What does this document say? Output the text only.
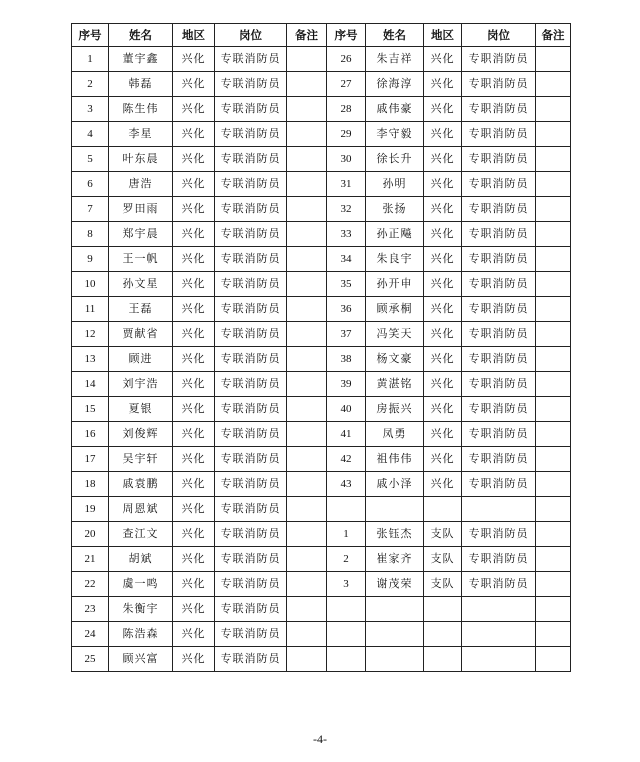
序号	姓名	地区	岗位	备注	序号	姓名	地区	岗位	备注
1	董宇鑫	兴化	专联消防员		26	朱吉祥	兴化	专职消防员	
2	韩磊	兴化	专联消防员		27	徐海淳	兴化	专职消防员	
3	陈生伟	兴化	专联消防员		28	戚伟豪	兴化	专职消防员	
4	李星	兴化	专联消防员		29	李守毅	兴化	专职消防员	
5	叶东晨	兴化	专联消防员		30	徐长升	兴化	专职消防员	
6	唐浩	兴化	专联消防员		31	孙明	兴化	专职消防员	
7	罗田雨	兴化	专联消防员		32	张扬	兴化	专职消防员	
8	郑宇晨	兴化	专联消防员		33	孙正飚	兴化	专职消防员	
9	王一帆	兴化	专联消防员		34	朱良宇	兴化	专职消防员	
10	孙文星	兴化	专联消防员		35	孙开申	兴化	专职消防员	
11	王磊	兴化	专联消防员		36	顾承桐	兴化	专职消防员	
12	贾献省	兴化	专联消防员		37	冯笑天	兴化	专职消防员	
13	顾进	兴化	专联消防员		38	杨文豪	兴化	专职消防员	
14	刘宇浩	兴化	专联消防员		39	黄湛铭	兴化	专职消防员	
15	夏银	兴化	专联消防员		40	房振兴	兴化	专职消防员	
16	刘俊辉	兴化	专联消防员		41	凤勇	兴化	专职消防员	
17	吴宇轩	兴化	专联消防员		42	祖伟伟	兴化	专职消防员	
18	戚袁鹏	兴化	专联消防员		43	戚小泽	兴化	专职消防员	
19	周恩斌	兴化	专联消防员						
20	查江文	兴化	专联消防员		1	张钰杰	支队	专职消防员	
21	胡斌	兴化	专联消防员		2	崔家齐	支队	专职消防员	
22	虞一鸣	兴化	专联消防员		3	谢茂荣	支队	专职消防员	
23	朱衡宇	兴化	专联消防员						
24	陈浩森	兴化	专联消防员						
25	顾兴富	兴化	专联消防员						
-4-
